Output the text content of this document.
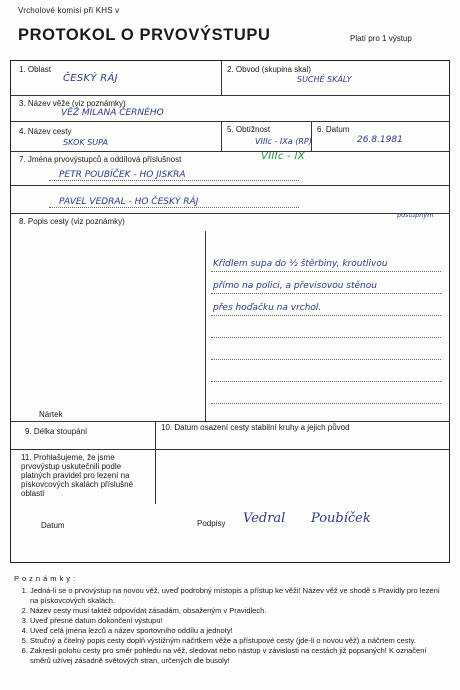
Vrcholové komisi při KHS v
PROTOKOL O PRVOVÝSTUPU	Platí pro 1 výstup
1. Oblast
ČESKÝ RÁJ
2. Obvod (skupina skal)
SUCHÉ SKÁLY
3. Název věže (viz poznámky)
VĚŽ MILANA ČERNÉHO
4. Název cesty
SKOK SUPA
5. Obtížnost
VIIIc - IXa (RP)
6. Datum
26.8.1981
7. Jména prvovýstupců a oddílová příslušnost	VIIIc - IX
PETR POUBÍČEK - HO JISKRA
PAVEL VEDRAL - HO ČESKÝ RÁJ
8. Popis cesty (viz poznámky)
postupným
Křidlem supa do ½ štěrbiny, kroutlivou
přímo na polici, a převisovou stěnou
přes hoďačku na vrchol.
Nártek
9. Délka stoupání	10. Datum osazení cesty stabilní kruhy a jejich původ
11. Prohlašujeme, že jsme prvovýstup uskutečnili podle platných pravidel pro lezení na pískovcových skalách příslušné oblasti
Datum	Podpisy Vedral Poubíček
Poznámky:
1. Jedná-li se o prvovýstup na novou věž, uveď podrobný místopis a přístup ke věži! Název věž ve shodě s Pravidly pro lezení na pískovcových skalách.
2. Název cesty musí taktéž odpovídat zásadám, obsaženým v Pravidlech.
3. Uveď přesné datum dokončení výstupu!
4. Uveď celá jména lezců a název sportovního oddílu a jednoty!
5. Stručný a čitelný popis cesty doplň výstižným náčrtkem věže a přístupové cesty (jde-li o novou věž) a náčrtem cesty.
6. Zakresli polohu cesty pro směr pohledu na věž, sledovat nebo nástup v závislosti na cestách již popsaných! K označení směrů užívej zásadně světových stran, určených dle busoly!
